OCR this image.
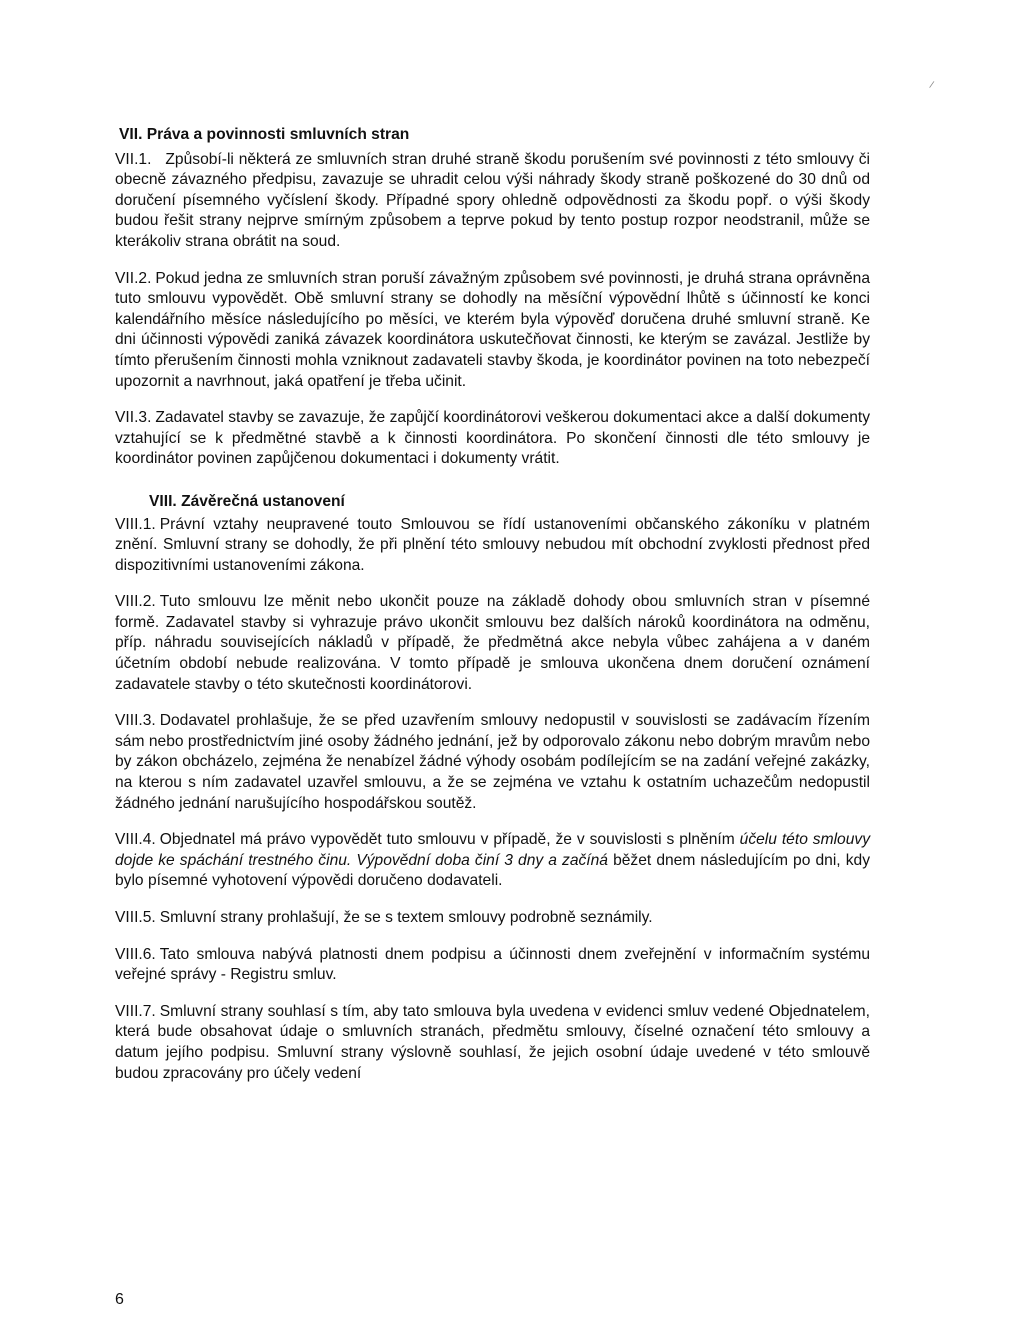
/
VII. Práva a povinnosti smluvních stran

VII.1. Způsobí-li některá ze smluvních stran druhé straně škodu porušením své povinnosti z této smlouvy či obecně závazného předpisu, zavazuje se uhradit celou výši náhrady škody straně poškozené do 30 dnů od doručení písemného vyčíslení škody. Případné spory ohledně odpovědnosti za škodu popř. o výši škody budou řešit strany nejprve smírným způsobem a teprve pokud by tento postup rozpor neodstranil, může se kterákoliv strana obrátit na soud.

VII.2. Pokud jedna ze smluvních stran poruší závažným způsobem své povinnosti, je druhá strana oprávněna tuto smlouvu vypovědět. Obě smluvní strany se dohodly na měsíční výpovědní lhůtě s účinností ke konci kalendářního měsíce následujícího po měsíci, ve kterém byla výpověď doručena druhé smluvní straně. Ke dni účinnosti výpovědi zaniká závazek koordinátora uskutečňovat činnosti, ke kterým se zavázal. Jestliže by tímto přerušením činnosti mohla vzniknout zadavateli stavby škoda, je koordinátor povinen na toto nebezpečí upozornit a navrhnout, jaká opatření je třeba učinit.

VII.3. Zadavatel stavby se zavazuje, že zapůjčí koordinátorovi veškerou dokumentaci akce a další dokumenty vztahující se k předmětné stavbě a k činnosti koordinátora. Po skončení činnosti dle této smlouvy je koordinátor povinen zapůjčenou dokumentaci i dokumenty vrátit.

VIII. Závěrečná ustanovení

VIII.1. Právní vztahy neupravené touto Smlouvou se řídí ustanoveními občanského zákoníku v platném znění. Smluvní strany se dohodly, že při plnění této smlouvy nebudou mít obchodní zvyklosti přednost před dispozitivními ustanoveními zákona.

VIII.2. Tuto smlouvu lze měnit nebo ukončit pouze na základě dohody obou smluvních stran v písemné formě. Zadavatel stavby si vyhrazuje právo ukončit smlouvu bez dalších nároků koordinátora na odměnu, příp. náhradu souvisejících nákladů v případě, že předmětná akce nebyla vůbec zahájena a v daném účetním období nebude realizována. V tomto případě je smlouva ukončena dnem doručení oznámení zadavatele stavby o této skutečnosti koordinátorovi.

VIII.3. Dodavatel prohlašuje, že se před uzavřením smlouvy nedopustil v souvislosti se zadávacím řízením sám nebo prostřednictvím jiné osoby žádného jednání, jež by odporovalo zákonu nebo dobrým mravům nebo by zákon obcházelo, zejména že nenabízel žádné výhody osobám podílejícím se na zadání veřejné zakázky, na kterou s ním zadavatel uzavřel smlouvu, a že se zejména ve vztahu k ostatním uchazečům nedopustil žádného jednání narušujícího hospodářskou soutěž.

VIII.4. Objednatel má právo vypovědět tuto smlouvu v případě, že v souvislosti s plněním účelu této smlouvy dojde ke spáchání trestného činu. Výpovědní doba činí 3 dny a začíná běžet dnem následujícím po dni, kdy bylo písemné vyhotovení výpovědi doručeno dodavateli.

VIII.5. Smluvní strany prohlašují, že se s textem smlouvy podrobně seznámily.

VIII.6. Tato smlouva nabývá platnosti dnem podpisu a účinnosti dnem zveřejnění v informačním systému veřejné správy - Registru smluv.

VIII.7. Smluvní strany souhlasí s tím, aby tato smlouva byla uvedena v evidenci smluv vedené Objednatelem, která bude obsahovat údaje o smluvních stranách, předmětu smlouvy, číselné označení této smlouvy a datum jejího podpisu. Smluvní strany výslovně souhlasí, že jejich osobní údaje uvedené v této smlouvě budou zpracovány pro účely vedení

6
